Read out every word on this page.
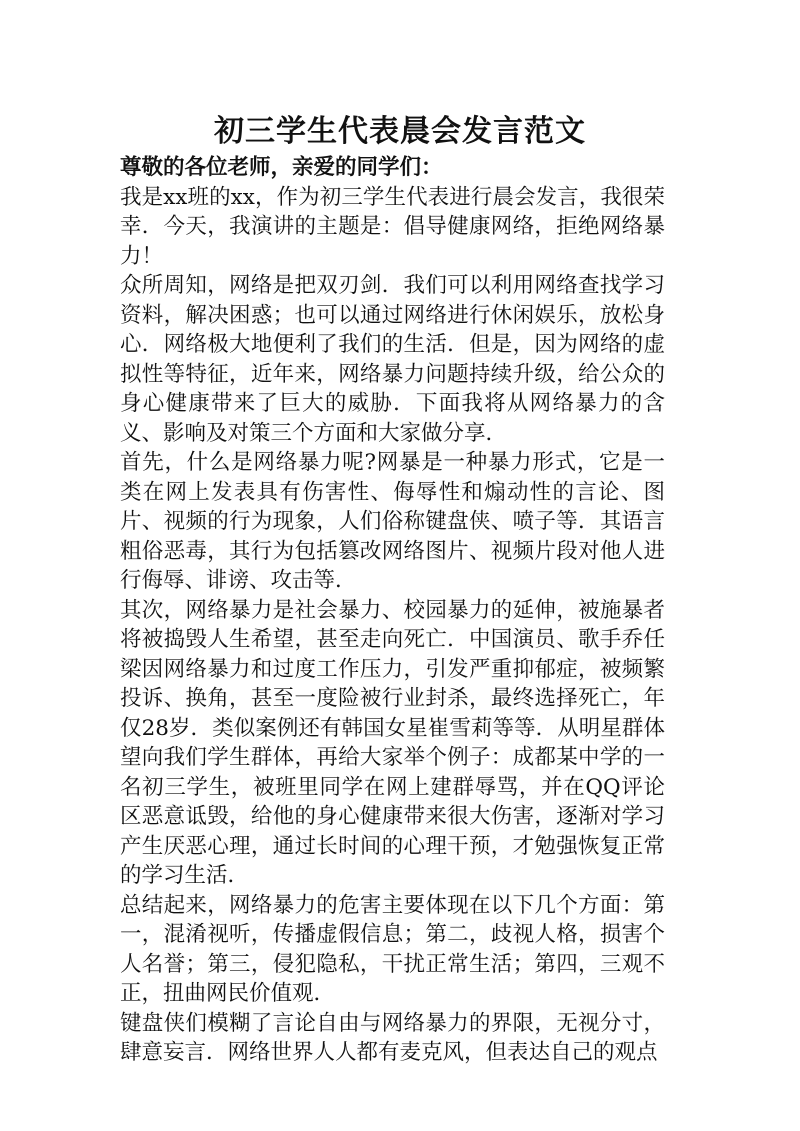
初三学生代表晨会发言范文

尊敬的各位老师，亲爱的同学们：

我是xx班的xx，作为初三学生代表进行晨会发言，我很荣幸．今天，我演讲的主题是：倡导健康网络，拒绝网络暴力！

众所周知，网络是把双刃剑．我们可以利用网络查找学习资料，解决困惑；也可以通过网络进行休闲娱乐，放松身心．网络极大地便利了我们的生活．但是，因为网络的虚拟性等特征，近年来，网络暴力问题持续升级，给公众的身心健康带来了巨大的威胁．下面我将从网络暴力的含义、影响及对策三个方面和大家做分享．

首先，什么是网络暴力呢?网暴是一种暴力形式，它是一类在网上发表具有伤害性、侮辱性和煽动性的言论、图片、视频的行为现象，人们俗称键盘侠、喷子等．其语言粗俗恶毒，其行为包括篡改网络图片、视频片段对他人进行侮辱、诽谤、攻击等．

其次，网络暴力是社会暴力、校园暴力的延伸，被施暴者将被捣毁人生希望，甚至走向死亡．中国演员、歌手乔任梁因网络暴力和过度工作压力，引发严重抑郁症，被频繁投诉、换角，甚至一度险被行业封杀，最终选择死亡，年仅28岁．类似案例还有韩国女星崔雪莉等等．从明星群体望向我们学生群体，再给大家举个例子：成都某中学的一名初三学生，被班里同学在网上建群辱骂，并在QQ评论区恶意诋毁，给他的身心健康带来很大伤害，逐渐对学习产生厌恶心理，通过长时间的心理干预，才勉强恢复正常的学习生活．

总结起来，网络暴力的危害主要体现在以下几个方面：第一，混淆视听，传播虚假信息；第二，歧视人格，损害个人名誉；第三，侵犯隐私，干扰正常生活；第四，三观不正，扭曲网民价值观．

键盘侠们模糊了言论自由与网络暴力的界限，无视分寸，肆意妄言．网络世界人人都有麦克风，但表达自己的观点
